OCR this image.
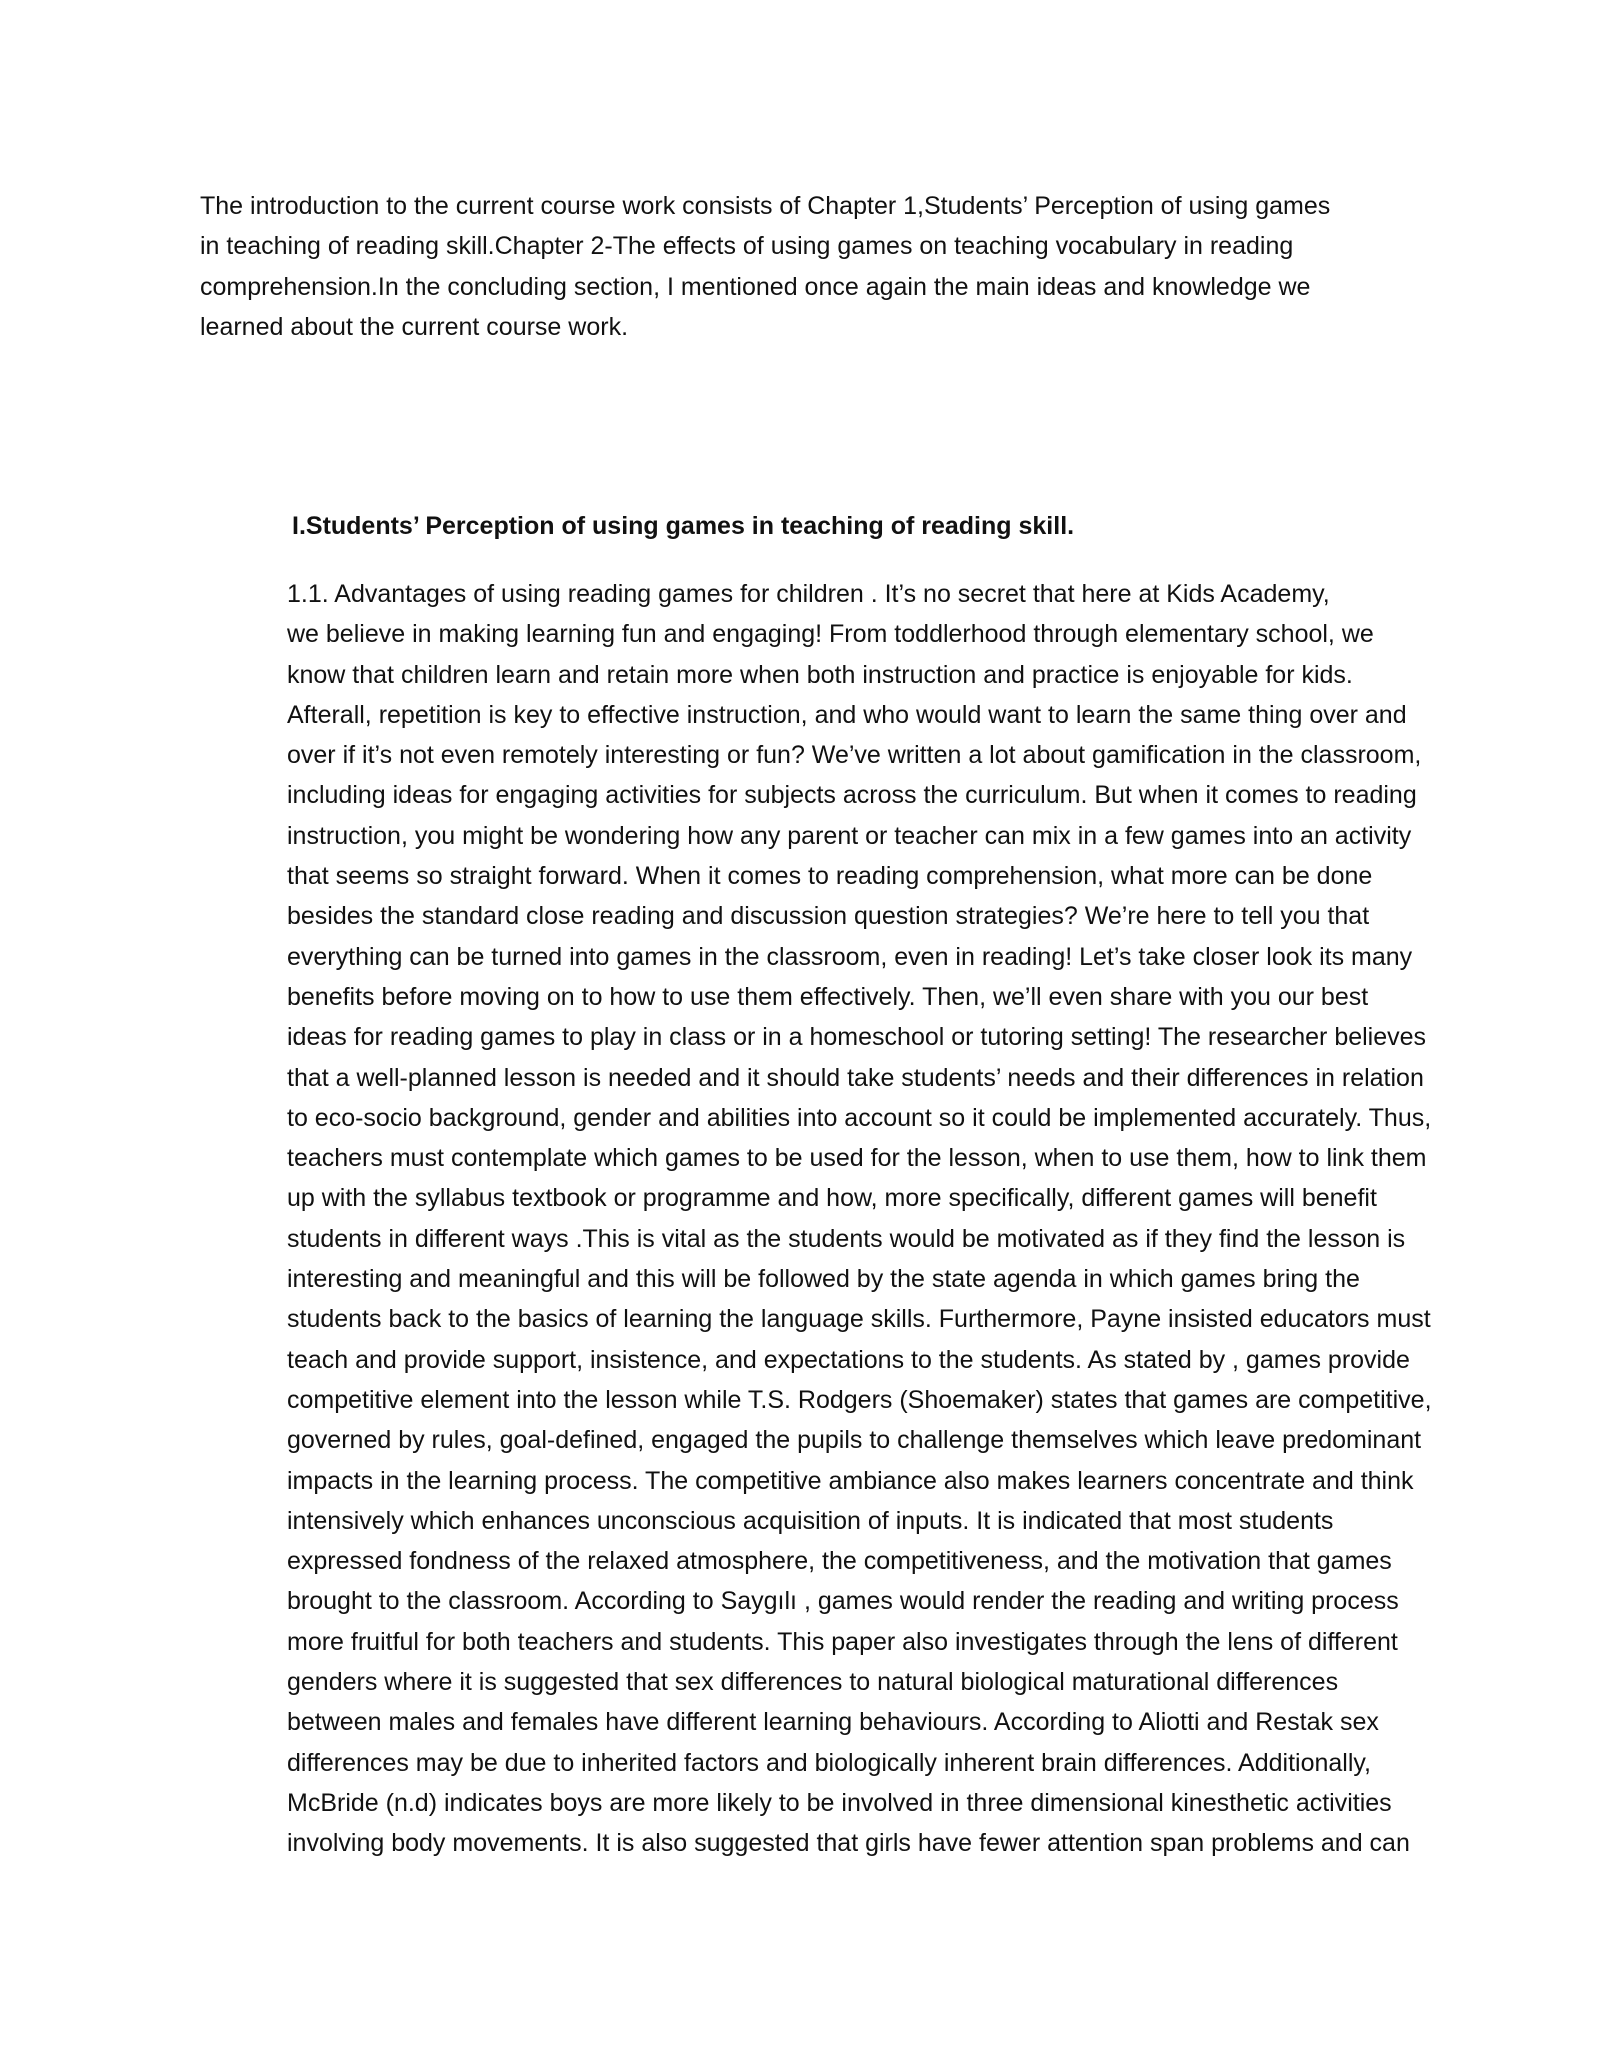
The introduction to the current course work consists of Chapter 1,Students’ Perception of using games
in teaching of reading skill.Chapter 2-The effects of using games on teaching vocabulary in reading
comprehension.In the concluding section, I mentioned once again the main ideas and knowledge we
learned about the current course work.

I.Students’ Perception of using games in teaching of reading skill.

1.1. Advantages of using reading games for children . It’s no secret that here at Kids Academy,
we believe in making learning fun and engaging! From toddlerhood through elementary school, we
know that children learn and retain more when both instruction and practice is enjoyable for kids.
Afterall, repetition is key to effective instruction, and who would want to learn the same thing over and
over if it’s not even remotely interesting or fun? We’ve written a lot about gamification in the classroom,
including ideas for engaging activities for subjects across the curriculum. But when it comes to reading
instruction, you might be wondering how any parent or teacher can mix in a few games into an activity
that seems so straight forward. When it comes to reading comprehension, what more can be done
besides the standard close reading and discussion question strategies? We’re here to tell you that
everything can be turned into games in the classroom, even in reading! Let’s take closer look its many
benefits before moving on to how to use them effectively. Then, we’ll even share with you our best
ideas for reading games to play in class or in a homeschool or tutoring setting! The researcher believes
that a well-planned lesson is needed and it should take students’ needs and their differences in relation
to eco-socio background, gender and abilities into account so it could be implemented accurately. Thus,
teachers must contemplate which games to be used for the lesson, when to use them, how to link them
up with the syllabus textbook or programme and how, more specifically, different games will benefit
students in different ways .This is vital as the students would be motivated as if they find the lesson is
interesting and meaningful and this will be followed by the state agenda in which games bring the
students back to the basics of learning the language skills. Furthermore, Payne insisted educators must
teach and provide support, insistence, and expectations to the students. As stated by , games provide
competitive element into the lesson while T.S. Rodgers (Shoemaker) states that games are competitive,
governed by rules, goal-defined, engaged the pupils to challenge themselves which leave predominant
impacts in the learning process. The competitive ambiance also makes learners concentrate and think
intensively which enhances unconscious acquisition of inputs. It is indicated that most students
expressed fondness of the relaxed atmosphere, the competitiveness, and the motivation that games
brought to the classroom. According to Saygılı , games would render the reading and writing process
more fruitful for both teachers and students. This paper also investigates through the lens of different
genders where it is suggested that sex differences to natural biological maturational differences
between males and females have different learning behaviours. According to Aliotti and Restak sex
differences may be due to inherited factors and biologically inherent brain differences. Additionally,
McBride (n.d) indicates boys are more likely to be involved in three dimensional kinesthetic activities
involving body movements. It is also suggested that girls have fewer attention span problems and can
